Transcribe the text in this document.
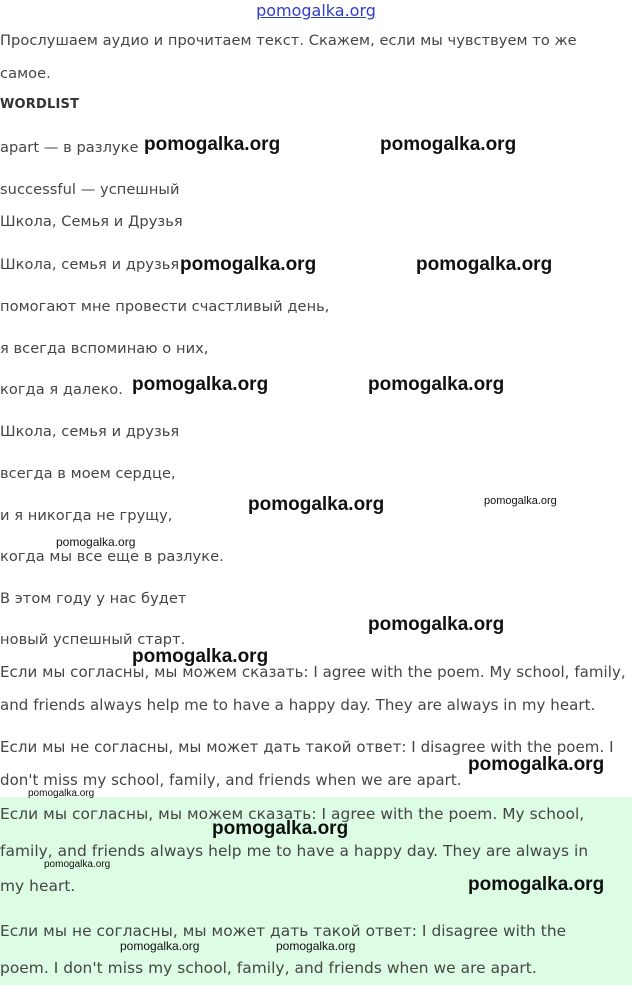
pomogalka.org
Прослушаем аудио и прочитаем текст. Скажем, если мы чувствуем то же
самое.
WORDLIST
apart — в разлуке
successful — успешный
Школа, Семья и Друзья
Школа, семья и друзья
помогают мне провести счастливый день,
я всегда вспоминаю о них,
когда я далеко.
Школа, семья и друзья
всегда в моем сердце,
и я никогда не грущу,
когда мы все еще в разлуке.
В этом году у нас будет
новый успешный старт.
Если мы согласны, мы можем сказать: I agree with the poem. My school, family,
and friends always help me to have a happy day. They are always in my heart.
Если мы не согласны, мы может дать такой ответ: I disagree with the poem. I
don't miss my school, family, and friends when we are apart.
Если мы согласны, мы можем сказать: I agree with the poem. My school,
family, and friends always help me to have a happy day. They are always in
my heart.
Если мы не согласны, мы может дать такой ответ: I disagree with the
poem. I don't miss my school, family, and friends when we are apart.
pomogalka.org	pomogalka.org
pomogalka.org	pomogalka.org
pomogalka.org	pomogalka.org
pomogalka.org	pomogalka.org
pomogalka.org
pomogalka.org
pomogalka.org
pomogalka.org
pomogalka.org
pomogalka.org
pomogalka.org
pomogalka.org
pomogalka.org	pomogalka.org
